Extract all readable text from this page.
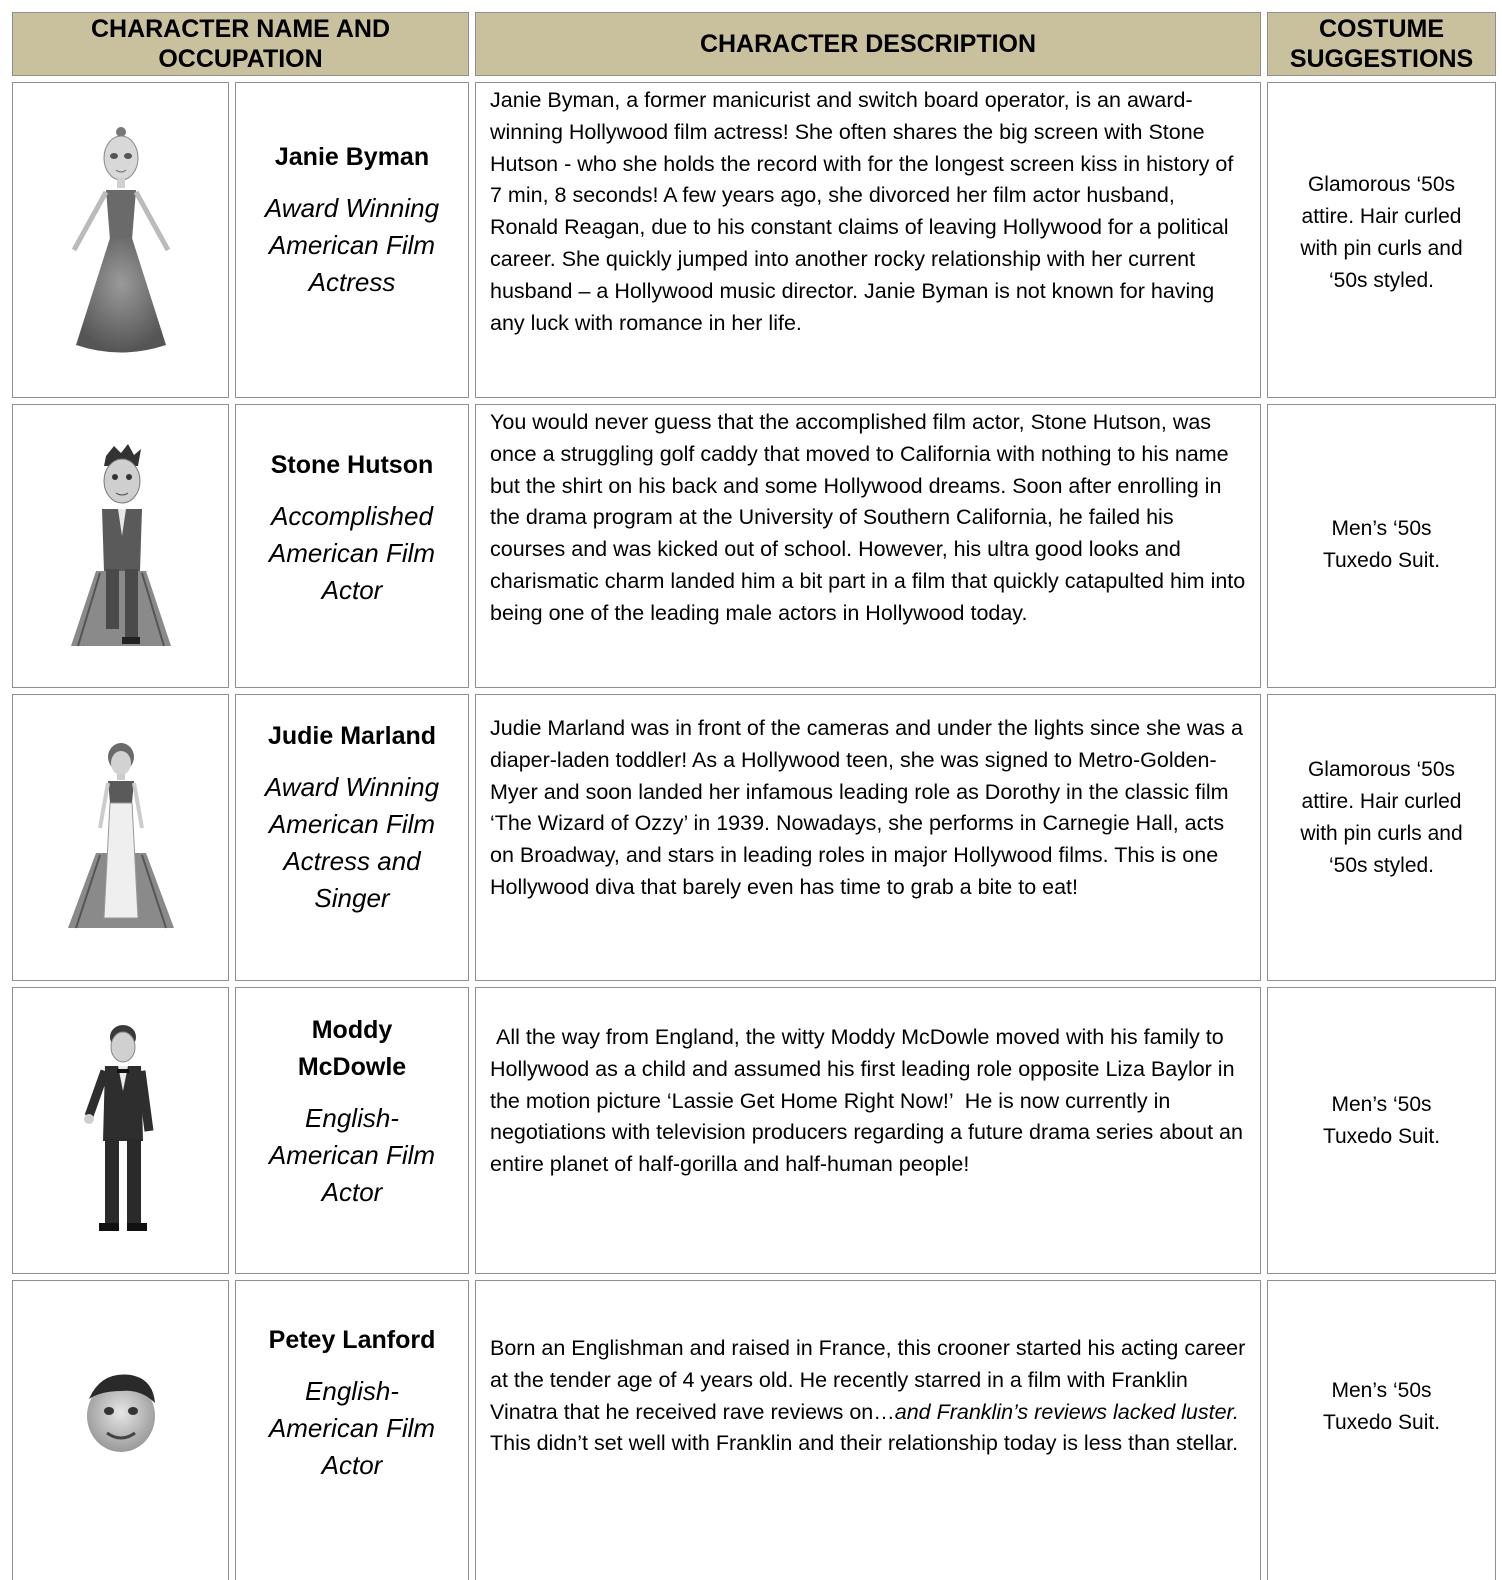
CHARACTER NAME AND OCCUPATION
CHARACTER DESCRIPTION
COSTUME SUGGESTIONS
Janie Byman
Award Winning American Film Actress
Janie Byman, a former manicurist and switch board operator, is an award-winning Hollywood film actress! She often shares the big screen with Stone Hutson - who she holds the record with for the longest screen kiss in history of 7 min, 8 seconds! A few years ago, she divorced her film actor husband, Ronald Reagan, due to his constant claims of leaving Hollywood for a political career. She quickly jumped into another rocky relationship with her current husband – a Hollywood music director. Janie Byman is not known for having any luck with romance in her life.
Glamorous ‘50s attire. Hair curled with pin curls and ‘50s styled.
Stone Hutson
Accomplished American Film Actor
You would never guess that the accomplished film actor, Stone Hutson, was once a struggling golf caddy that moved to California with nothing to his name but the shirt on his back and some Hollywood dreams. Soon after enrolling in the drama program at the University of Southern California, he failed his courses and was kicked out of school. However, his ultra good looks and charismatic charm landed him a bit part in a film that quickly catapulted him into being one of the leading male actors in Hollywood today.
Men’s ‘50s Tuxedo Suit.
Judie Marland
Award Winning American Film Actress and Singer
Judie Marland was in front of the cameras and under the lights since she was a diaper-laden toddler! As a Hollywood teen, she was signed to Metro-Golden-Myer and soon landed her infamous leading role as Dorothy in the classic film ‘The Wizard of Ozzy’ in 1939. Nowadays, she performs in Carnegie Hall, acts on Broadway, and stars in leading roles in major Hollywood films. This is one Hollywood diva that barely even has time to grab a bite to eat!
Glamorous ‘50s attire. Hair curled with pin curls and ‘50s styled.
Moddy McDowle
English-American Film Actor
All the way from England, the witty Moddy McDowle moved with his family to Hollywood as a child and assumed his first leading role opposite Liza Baylor in the motion picture ‘Lassie Get Home Right Now!’  He is now currently in negotiations with television producers regarding a future drama series about an entire planet of half-gorilla and half-human people!
Men’s ‘50s Tuxedo Suit.
Petey Lanford
English-American Film Actor
Born an Englishman and raised in France, this crooner started his acting career at the tender age of 4 years old. He recently starred in a film with Franklin Vinatra that he received rave reviews on…and Franklin’s reviews lacked luster.  This didn’t set well with Franklin and their relationship today is less than stellar.
Men’s ‘50s Tuxedo Suit.
